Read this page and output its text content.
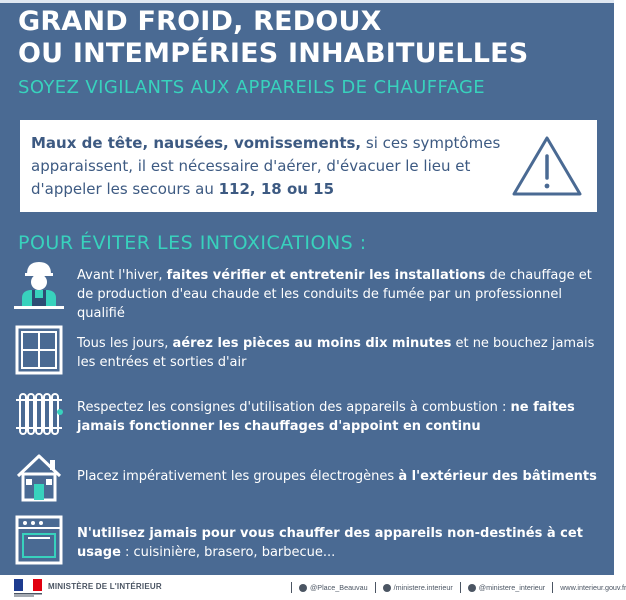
GRAND FROID, REDOUX
OU INTEMPÉRIES INHABITUELLES
SOYEZ VIGILANTS AUX APPAREILS DE CHAUFFAGE
Maux de tête, nausées, vomissements, si ces symptômes apparaissent, il est nécessaire d'aérer, d'évacuer le lieu et d'appeler les secours au 112, 18 ou 15
POUR ÉVITER LES INTOXICATIONS :
Avant l'hiver, faites vérifier et entretenir les installations de chauffage et de production d'eau chaude et les conduits de fumée par un professionnel qualifié
Tous les jours, aérez les pièces au moins dix minutes et ne bouchez jamais les entrées et sorties d'air
Respectez les consignes d'utilisation des appareils à combustion : ne faites jamais fonctionner les chauffages d'appoint en continu
Placez impérativement les groupes électrogènes à l'extérieur des bâtiments
N'utilisez jamais pour vous chauffer des appareils non-destinés à cet usage : cuisinière, brasero, barbecue...
MINISTÈRE DE L'INTÉRIEUR	@Place_Beauvau	/ministere.interieur	@ministere_interieur www.interieur.gouv.fr
